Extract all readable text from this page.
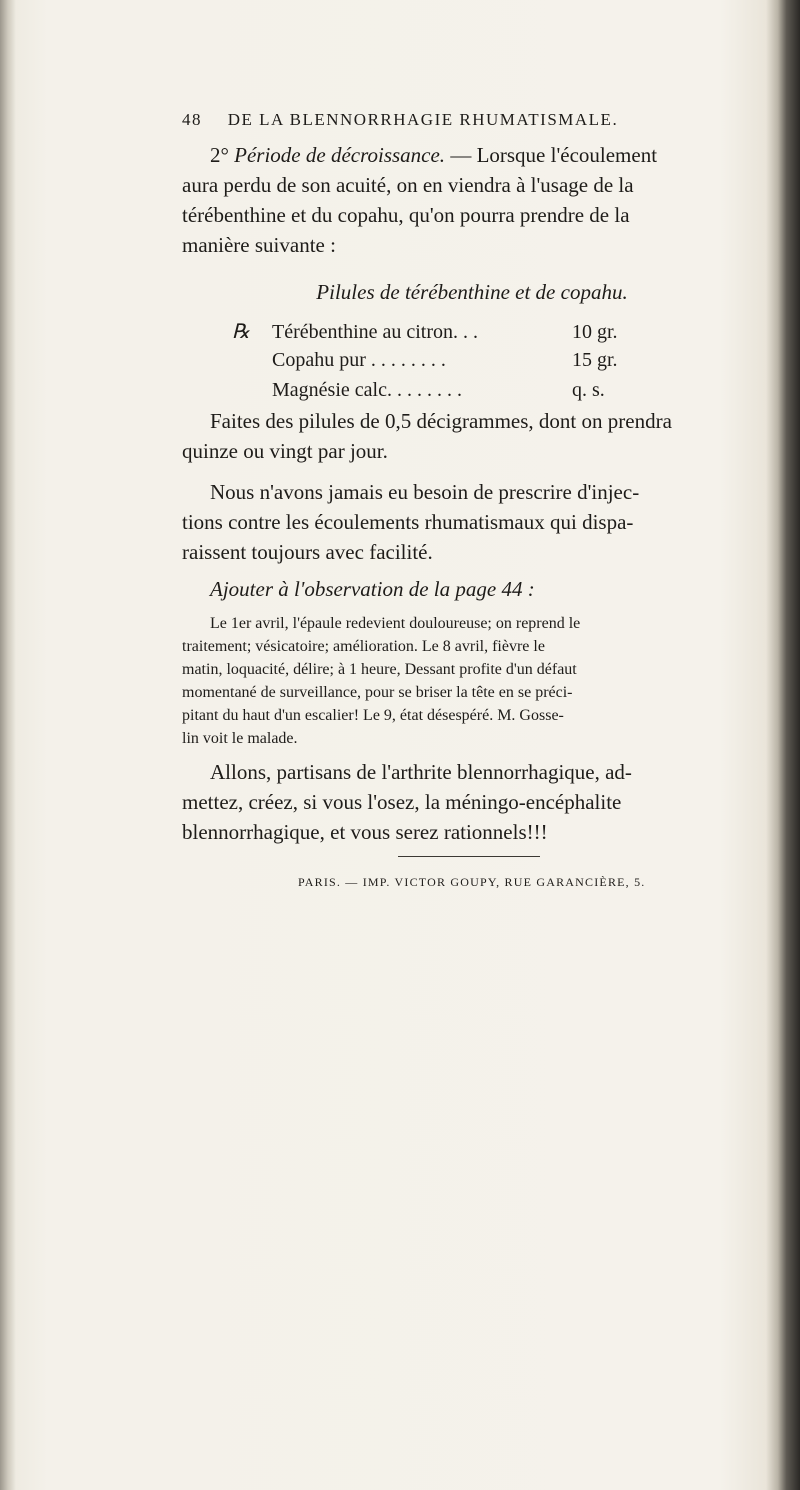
48 DE LA BLENNORRHAGIE RHUMATISMALE.

2° Période de décroissance. — Lorsque l'écoulement
aura perdu de son acuité, on en viendra à l'usage de la
térébenthine et du copahu, qu'on pourra prendre de la
manière suivante :

Pilules de térébenthine et de copahu.

℞	Térébenthine au citron. . .	10 gr.
Copahu pur . . . . . . . .	15 gr.
Magnésie calc. . . . . . . .	q. s.

Faites des pilules de 0,5 décigrammes, dont on prendra
quinze ou vingt par jour.

Nous n'avons jamais eu besoin de prescrire d'injec-
tions contre les écoulements rhumatismaux qui dispa-
raissent toujours avec facilité.

Ajouter à l'observation de la page 44 :

Le 1er avril, l'épaule redevient douloureuse; on reprend le
traitement; vésicatoire; amélioration. Le 8 avril, fièvre le
matin, loquacité, délire; à 1 heure, Dessant profite d'un défaut
momentané de surveillance, pour se briser la tête en se préci-
pitant du haut d'un escalier! Le 9, état désespéré. M. Gosse-
lin voit le malade.

PARIS. — IMP. VICTOR GOUPY, RUE GARANCIÈRE, 5.

Allons, partisans de l'arthrite blennorrhagique, ad-
mettez, créez, si vous l'osez, la méningo-encéphalite
blennorrhagique, et vous serez rationnels!!!
